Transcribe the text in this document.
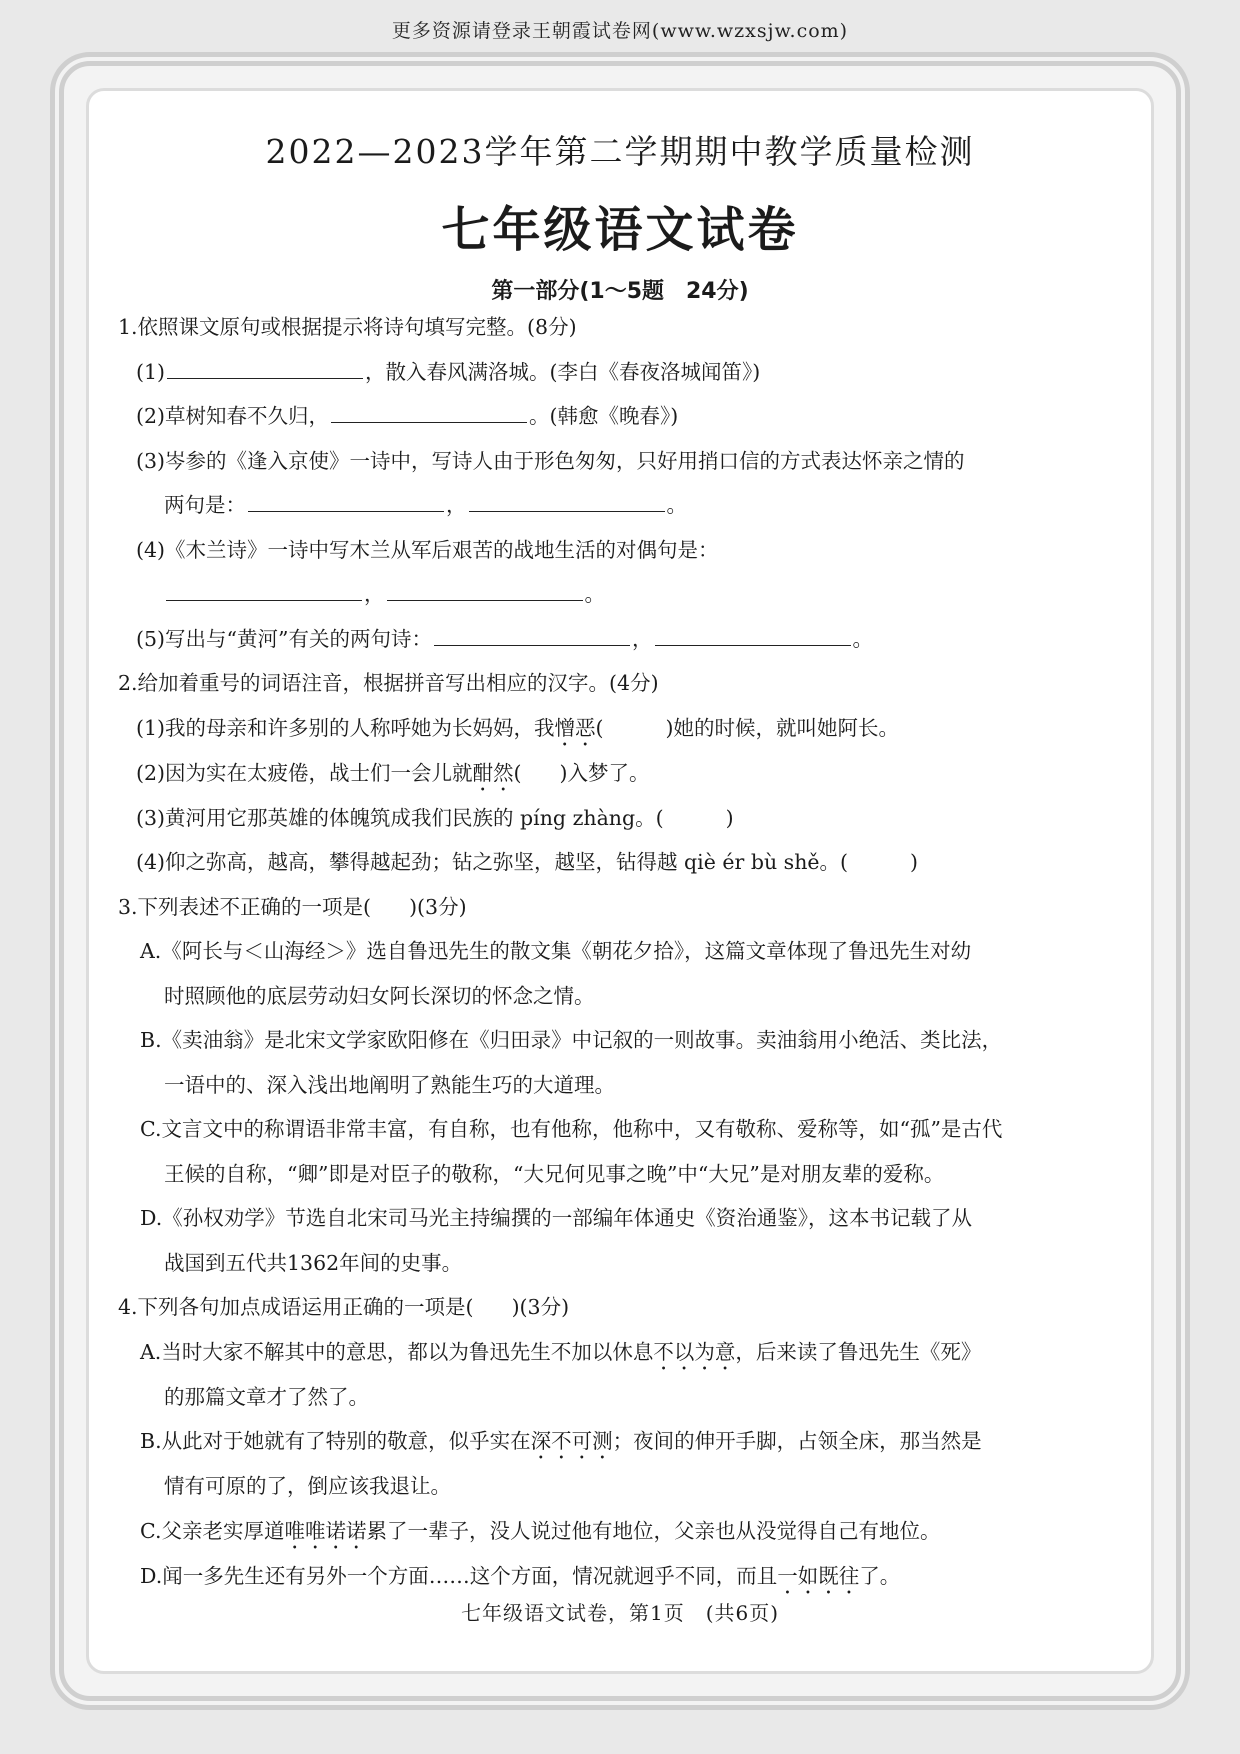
更多资源请登录王朝霞试卷网(www.wzxsjw.com)
2022—2023学年第二学期期中教学质量检测
七年级语文试卷
第一部分(1～5题　24分)
1.依照课文原句或根据提示将诗句填写完整。(8分)
(1)	，散入春风满洛城。(李白《春夜洛城闻笛》)
(2)草树知春不久归，	。(韩愈《晚春》)
(3)岑参的《逢入京使》一诗中，写诗人由于形色匆匆，只好用捎口信的方式表达怀亲之情的
两句是：	，	。
(4)《木兰诗》一诗中写木兰从军后艰苦的战地生活的对偶句是：
，	。
(5)写出与“黄河”有关的两句诗：	，	。
2.给加着重号的词语注音，根据拼音写出相应的汉字。(4分)
(1)我的母亲和许多别的人称呼她为长妈妈，我憎恶(	)她的时候，就叫她阿长。
(2)因为实在太疲倦，战士们一会儿就酣然( )入梦了。
(3)黄河用它那英雄的体魄筑成我们民族的 píng zhàng。(	)
(4)仰之弥高，越高，攀得越起劲；钻之弥坚，越坚，钻得越 qiè ér bù shě。(	)
3.下列表述不正确的一项是( )(3分)
A.《阿长与＜山海经＞》选自鲁迅先生的散文集《朝花夕拾》，这篇文章体现了鲁迅先生对幼
时照顾他的底层劳动妇女阿长深切的怀念之情。
B.《卖油翁》是北宋文学家欧阳修在《归田录》中记叙的一则故事。卖油翁用小绝活、类比法，
一语中的、深入浅出地阐明了熟能生巧的大道理。
C.文言文中的称谓语非常丰富，有自称，也有他称，他称中，又有敬称、爱称等，如“孤”是古代
王候的自称，“卿”即是对臣子的敬称，“大兄何见事之晚”中“大兄”是对朋友辈的爱称。
D.《孙权劝学》节选自北宋司马光主持编撰的一部编年体通史《资治通鉴》，这本书记载了从
战国到五代共1362年间的史事。
4.下列各句加点成语运用正确的一项是( )(3分)
A.当时大家不解其中的意思，都以为鲁迅先生不加以休息不以为意，后来读了鲁迅先生《死》
的那篇文章才了然了。
B.从此对于她就有了特别的敬意，似乎实在深不可测；夜间的伸开手脚，占领全床，那当然是
情有可原的了，倒应该我退让。
C.父亲老实厚道唯唯诺诺累了一辈子，没人说过他有地位，父亲也从没觉得自己有地位。
D.闻一多先生还有另外一个方面……这个方面，情况就迥乎不同，而且一如既往了。
七年级语文试卷，第1页　(共6页)
